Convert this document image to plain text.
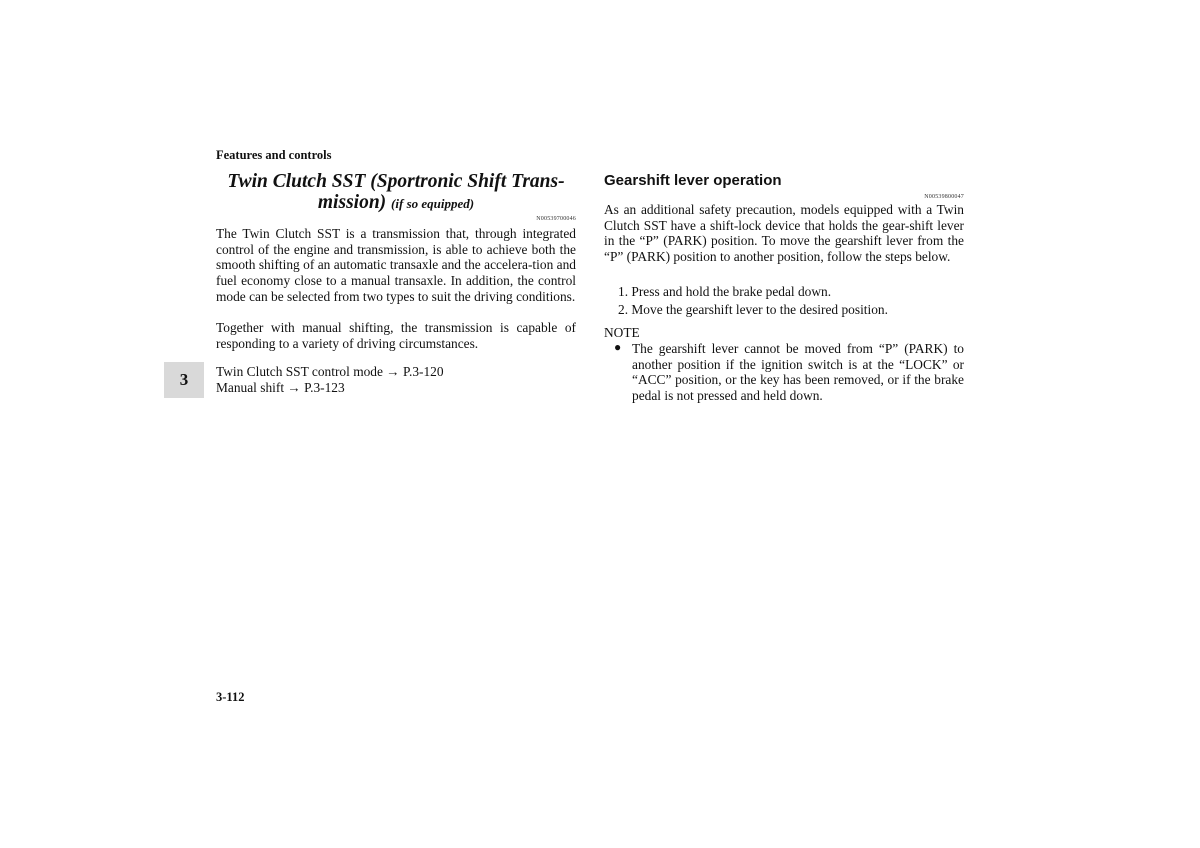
Features and controls
Twin Clutch SST (Sportronic Shift Trans-
mission) (if so equipped)
N00539700046
The Twin Clutch SST is a transmission that, through integrated control of the engine and transmission, is able to achieve both the smooth shifting of an automatic transaxle and the accelera-tion and fuel economy close to a manual transaxle. In addition, the control mode can be selected from two types to suit the driving conditions.
Together with manual shifting, the transmission is capable of responding to a variety of driving circumstances.
3	Twin Clutch SST control mode → P.3-120
Manual shift → P.3-123
Gearshift lever operation
N00539800047
As an additional safety precaution, models equipped with a Twin Clutch SST have a shift-lock device that holds the gear-shift lever in the “P” (PARK) position. To move the gearshift lever from the “P” (PARK) position to another position, follow the steps below.
1. Press and hold the brake pedal down.
2. Move the gearshift lever to the desired position.
NOTE
● The gearshift lever cannot be moved from “P” (PARK) to another position if the ignition switch is at the “LOCK” or “ACC” position, or the key has been removed, or if the brake pedal is not pressed and held down.
3-112
